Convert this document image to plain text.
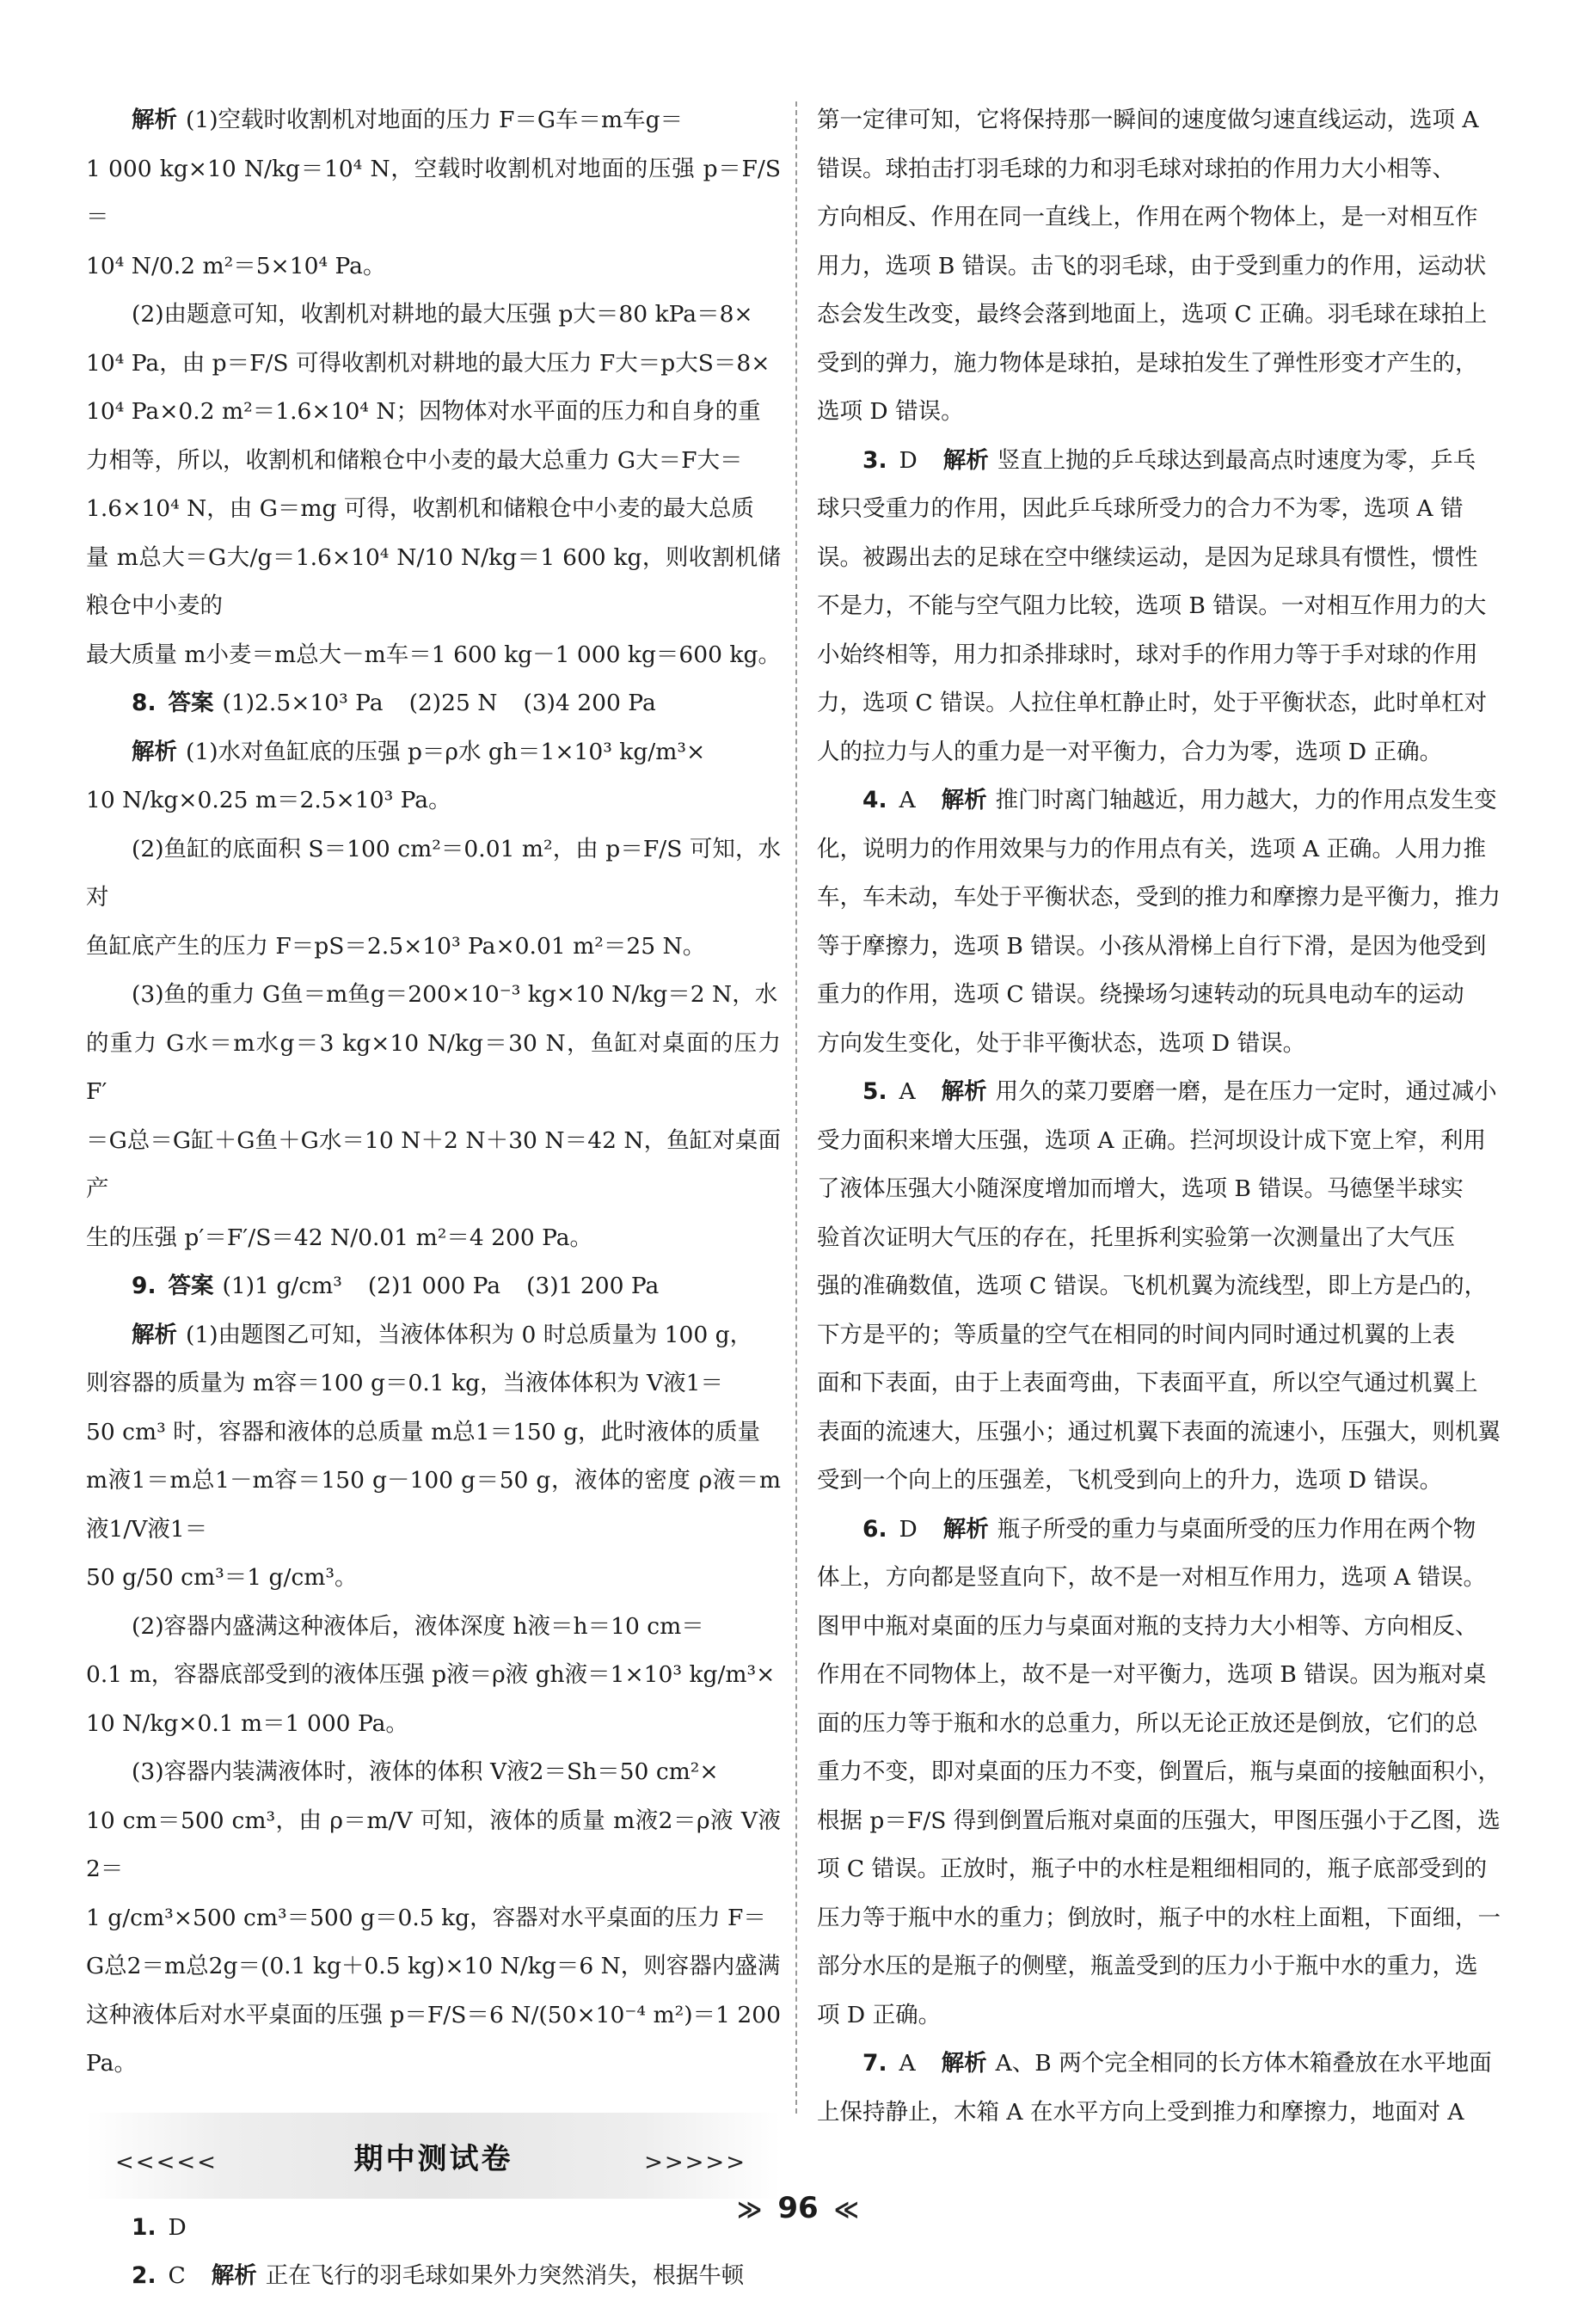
解析 (1)空载时收割机对地面的压力 F＝G车＝m车g＝

1 000 kg×10 N/kg＝10⁴ N，空载时收割机对地面的压强 p＝F/S＝

10⁴ N/0.2 m²＝5×10⁴ Pa。

(2)由题意可知，收割机对耕地的最大压强 p大＝80 kPa＝8×

10⁴ Pa，由 p＝F/S 可得收割机对耕地的最大压力 F大＝p大S＝8×

10⁴ Pa×0.2 m²＝1.6×10⁴ N；因物体对水平面的压力和自身的重

力相等，所以，收割机和储粮仓中小麦的最大总重力 G大＝F大＝

1.6×10⁴ N，由 G＝mg 可得，收割机和储粮仓中小麦的最大总质

量 m总大＝G大/g＝1.6×10⁴ N/10 N/kg＝1 600 kg，则收割机储粮仓中小麦的

最大质量 m小麦＝m总大－m车＝1 600 kg－1 000 kg＝600 kg。

8. 答案 (1)2.5×10³ Pa (2)25 N (3)4 200 Pa

解析 (1)水对鱼缸底的压强 p＝ρ水 gh＝1×10³ kg/m³×

10 N/kg×0.25 m＝2.5×10³ Pa。

(2)鱼缸的底面积 S＝100 cm²＝0.01 m²，由 p＝F/S 可知，水对

鱼缸底产生的压力 F＝pS＝2.5×10³ Pa×0.01 m²＝25 N。

(3)鱼的重力 G鱼＝m鱼g＝200×10⁻³ kg×10 N/kg＝2 N，水

的重力 G水＝m水g＝3 kg×10 N/kg＝30 N，鱼缸对桌面的压力 F′

＝G总＝G缸＋G鱼＋G水＝10 N＋2 N＋30 N＝42 N，鱼缸对桌面产

生的压强 p′＝F′/S＝42 N/0.01 m²＝4 200 Pa。

9. 答案 (1)1 g/cm³ (2)1 000 Pa (3)1 200 Pa

解析 (1)由题图乙可知，当液体体积为 0 时总质量为 100 g，

则容器的质量为 m容＝100 g＝0.1 kg，当液体体积为 V液1＝

50 cm³ 时，容器和液体的总质量 m总1＝150 g，此时液体的质量

m液1＝m总1－m容＝150 g－100 g＝50 g，液体的密度 ρ液＝m液1/V液1＝

50 g/50 cm³＝1 g/cm³。

(2)容器内盛满这种液体后，液体深度 h液＝h＝10 cm＝

0.1 m，容器底部受到的液体压强 p液＝ρ液 gh液＝1×10³ kg/m³×

10 N/kg×0.1 m＝1 000 Pa。

(3)容器内装满液体时，液体的体积 V液2＝Sh＝50 cm²×

10 cm＝500 cm³，由 ρ＝m/V 可知，液体的质量 m液2＝ρ液 V液2＝

1 g/cm³×500 cm³＝500 g＝0.5 kg，容器对水平桌面的压力 F＝

G总2＝m总2g＝(0.1 kg＋0.5 kg)×10 N/kg＝6 N，则容器内盛满

这种液体后对水平桌面的压强 p＝F/S＝6 N/(50×10⁻⁴ m²)＝1 200 Pa。

<<<<<	期中测试卷	>>>>>

1. D

2. C 解析 正在飞行的羽毛球如果外力突然消失，根据牛顿

第一定律可知，它将保持那一瞬间的速度做匀速直线运动，选项 A

错误。球拍击打羽毛球的力和羽毛球对球拍的作用力大小相等、

方向相反、作用在同一直线上，作用在两个物体上，是一对相互作

用力，选项 B 错误。击飞的羽毛球，由于受到重力的作用，运动状

态会发生改变，最终会落到地面上，选项 C 正确。羽毛球在球拍上

受到的弹力，施力物体是球拍，是球拍发生了弹性形变才产生的，

选项 D 错误。

3. D 解析 竖直上抛的乒乓球达到最高点时速度为零，乒乓

球只受重力的作用，因此乒乓球所受力的合力不为零，选项 A 错

误。被踢出去的足球在空中继续运动，是因为足球具有惯性，惯性

不是力，不能与空气阻力比较，选项 B 错误。一对相互作用力的大

小始终相等，用力扣杀排球时，球对手的作用力等于手对球的作用

力，选项 C 错误。人拉住单杠静止时，处于平衡状态，此时单杠对

人的拉力与人的重力是一对平衡力，合力为零，选项 D 正确。

4. A 解析 推门时离门轴越近，用力越大，力的作用点发生变

化，说明力的作用效果与力的作用点有关，选项 A 正确。人用力推

车，车未动，车处于平衡状态，受到的推力和摩擦力是平衡力，推力

等于摩擦力，选项 B 错误。小孩从滑梯上自行下滑，是因为他受到

重力的作用，选项 C 错误。绕操场匀速转动的玩具电动车的运动

方向发生变化，处于非平衡状态，选项 D 错误。

5. A 解析 用久的菜刀要磨一磨，是在压力一定时，通过减小

受力面积来增大压强，选项 A 正确。拦河坝设计成下宽上窄，利用

了液体压强大小随深度增加而增大，选项 B 错误。马德堡半球实

验首次证明大气压的存在，托里拆利实验第一次测量出了大气压

强的准确数值，选项 C 错误。飞机机翼为流线型，即上方是凸的，

下方是平的；等质量的空气在相同的时间内同时通过机翼的上表

面和下表面，由于上表面弯曲，下表面平直，所以空气通过机翼上

表面的流速大，压强小；通过机翼下表面的流速小，压强大，则机翼

受到一个向上的压强差，飞机受到向上的升力，选项 D 错误。

6. D 解析 瓶子所受的重力与桌面所受的压力作用在两个物

体上，方向都是竖直向下，故不是一对相互作用力，选项 A 错误。

图甲中瓶对桌面的压力与桌面对瓶的支持力大小相等、方向相反、

作用在不同物体上，故不是一对平衡力，选项 B 错误。因为瓶对桌

面的压力等于瓶和水的总重力，所以无论正放还是倒放，它们的总

重力不变，即对桌面的压力不变，倒置后，瓶与桌面的接触面积小，

根据 p＝F/S 得到倒置后瓶对桌面的压强大，甲图压强小于乙图，选

项 C 错误。正放时，瓶子中的水柱是粗细相同的，瓶子底部受到的

压力等于瓶中水的重力；倒放时，瓶子中的水柱上面粗，下面细，一

部分水压的是瓶子的侧壁，瓶盖受到的压力小于瓶中水的重力，选

项 D 正确。

7. A 解析 A、B 两个完全相同的长方体木箱叠放在水平地面

上保持静止，木箱 A 在水平方向上受到推力和摩擦力，地面对 A

≫ 96 ≪
